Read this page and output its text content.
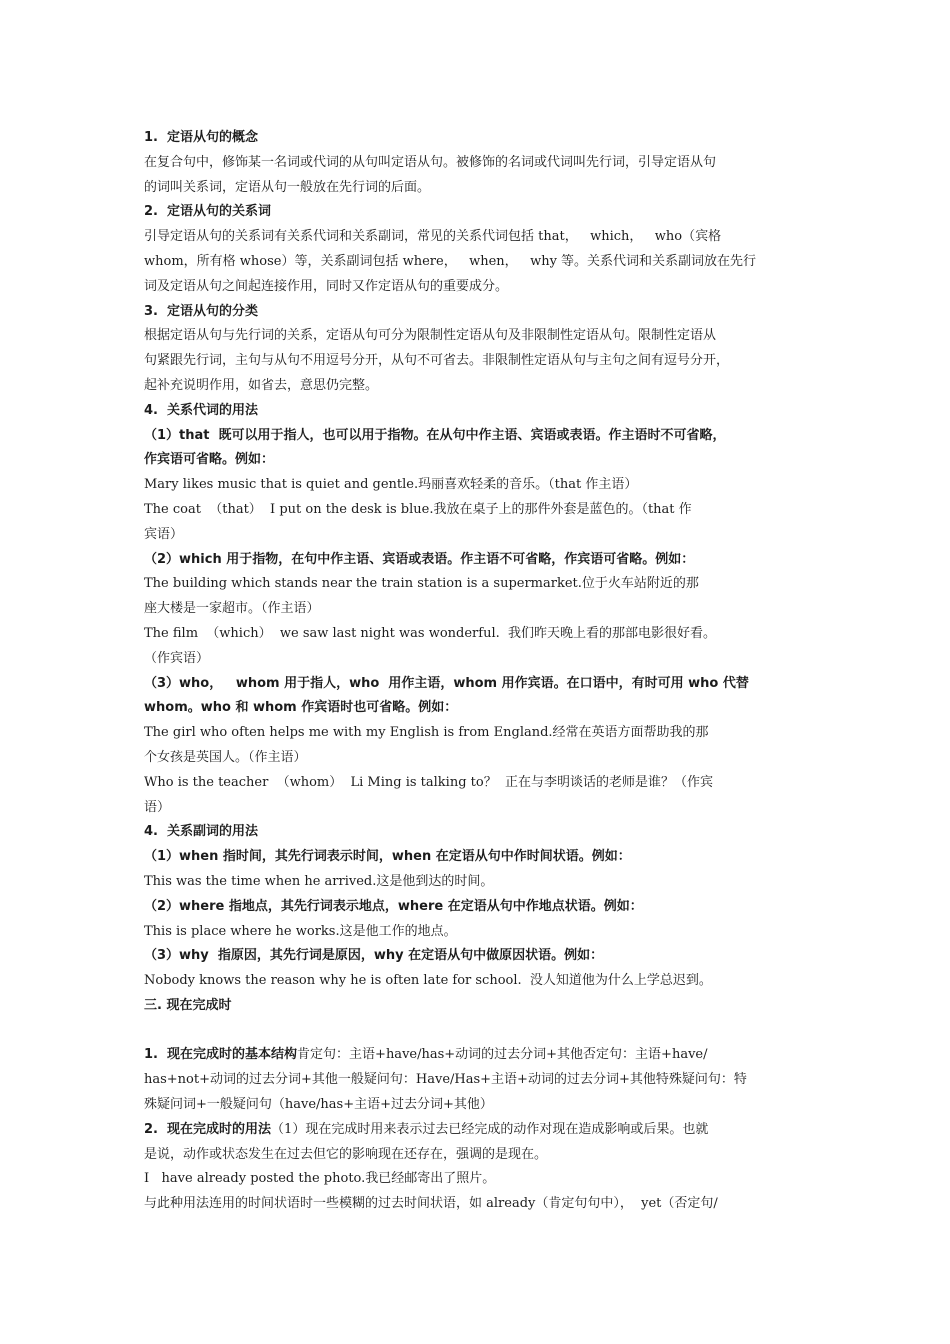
1.  定语从句的概念
在复合句中，修饰某一名词或代词的从句叫定语从句。被修饰的名词或代词叫先行词，引导定语从句
的词叫关系词，定语从句一般放在先行词的后面。
2.  定语从句的关系词
引导定语从句的关系词有关系代词和关系副词，常见的关系代词包括 that，   which，   who（宾格
whom，所有格 whose）等，关系副词包括 where，   when，   why 等。关系代词和关系副词放在先行
词及定语从句之间起连接作用，同时又作定语从句的重要成分。
3.  定语从句的分类
根据定语从句与先行词的关系，定语从句可分为限制性定语从句及非限制性定语从句。限制性定语从
句紧跟先行词，主句与从句不用逗号分开，从句不可省去。非限制性定语从句与主句之间有逗号分开，
起补充说明作用，如省去，意思仍完整。
4.  关系代词的用法
（1）that  既可以用于指人，也可以用于指物。在从句中作主语、宾语或表语。作主语时不可省略，
作宾语可省略。例如：
Mary likes music that is quiet and gentle.玛丽喜欢轻柔的音乐。（that 作主语）
The coat  （that）  I put on the desk is blue.我放在桌子上的那件外套是蓝色的。（that 作
宾语）
（2）which 用于指物，在句中作主语、宾语或表语。作主语不可省略，作宾语可省略。例如：
The building which stands near the train station is a supermarket.位于火车站附近的那
座大楼是一家超市。（作主语）
The film  （which）  we saw last night was wonderful.  我们昨天晚上看的那部电影很好看。
（作宾语）
（3）who，   whom 用于指人，who  用作主语，whom 用作宾语。在口语中，有时可用 who 代替
whom。who 和 whom 作宾语时也可省略。例如：
The girl who often helps me with my English is from England.经常在英语方面帮助我的那
个女孩是英国人。（作主语）
Who is the teacher  （whom）  Li Ming is talking to？  正在与李明谈话的老师是谁？（作宾
语）
4.  关系副词的用法
（1）when 指时间，其先行词表示时间，when 在定语从句中作时间状语。例如：
This was the time when he arrived.这是他到达的时间。
（2）where 指地点，其先行词表示地点，where 在定语从句中作地点状语。例如：
This is place where he works.这是他工作的地点。
（3）why  指原因，其先行词是原因，why 在定语从句中做原因状语。例如：
Nobody knows the reason why he is often late for school.  没人知道他为什么上学总迟到。
三. 现在完成时
1.  现在完成时的基本结构肯定句：主语+have/has+动词的过去分词+其他否定句：主语+have/
has+not+动词的过去分词+其他一般疑问句：Have/Has+主语+动词的过去分词+其他特殊疑问句：特
殊疑问词+一般疑问句（have/has+主语+过去分词+其他）
2.  现在完成时的用法（1）现在完成时用来表示过去已经完成的动作对现在造成影响或后果。也就
是说，动作或状态发生在过去但它的影响现在还存在，强调的是现在。
I   have already posted the photo.我已经邮寄出了照片。
与此种用法连用的时间状语时一些模糊的过去时间状语，如 already（肯定句句中），  yet（否定句/
